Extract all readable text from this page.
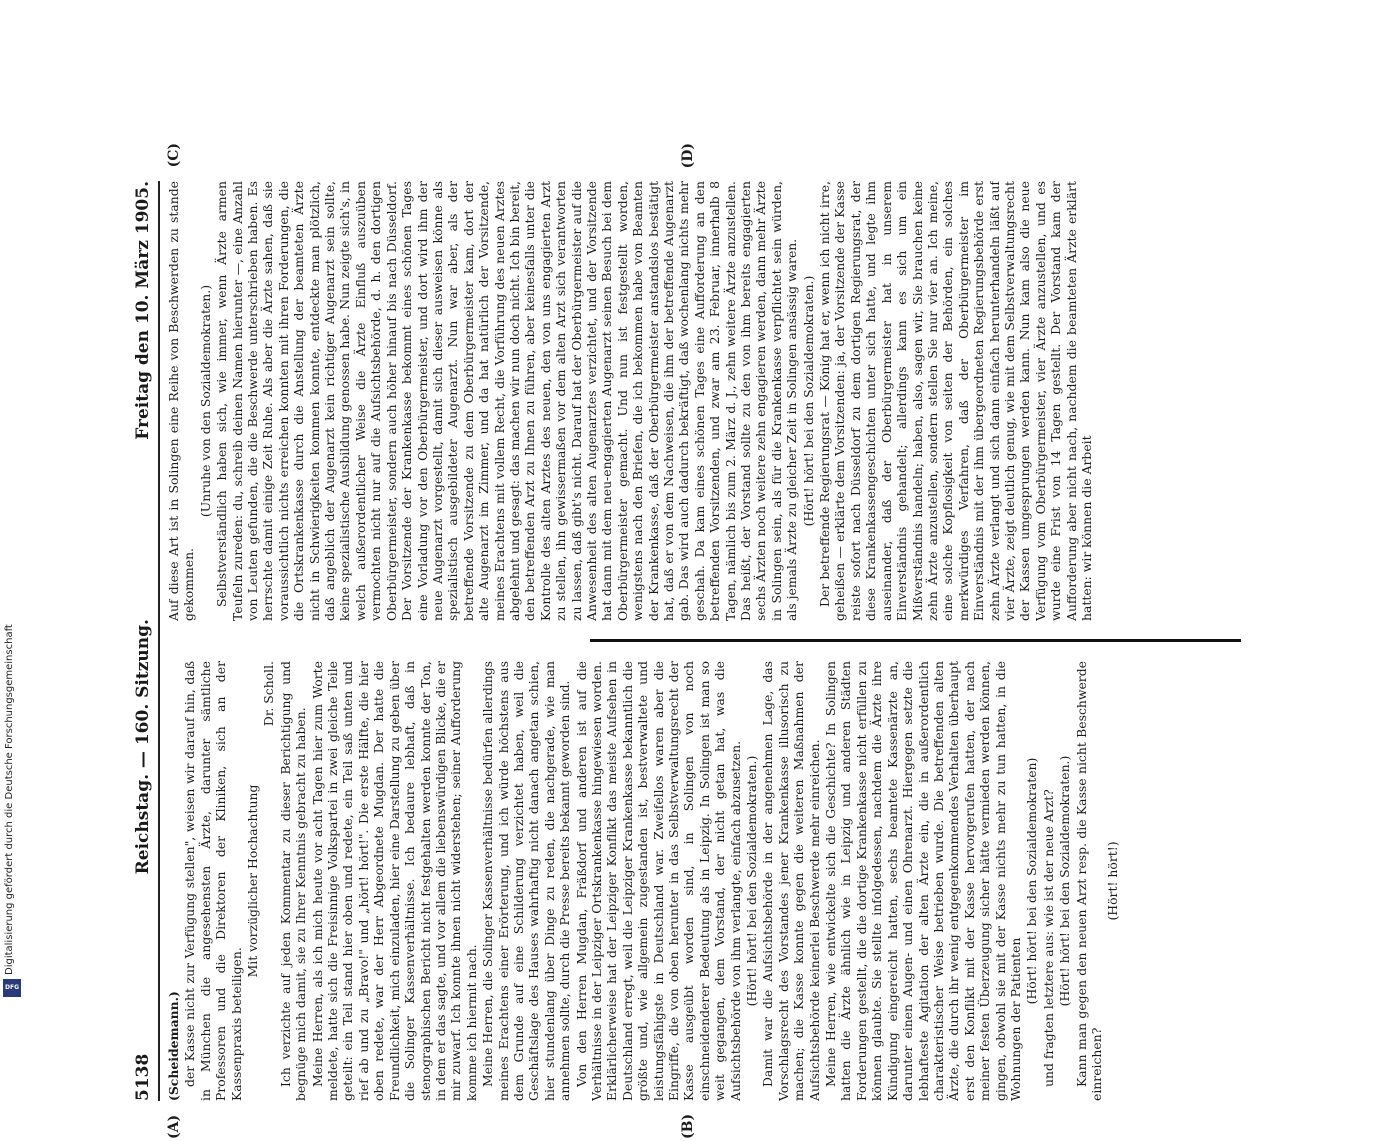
Digitalisierung gefördert durch die Deutsche Forschungsgemeinschaft
DFG
5138
Reichstag. — 160. Sitzung.
Freitag den 10. März 1905.
(A)	(B)
(C)	(D)

(Scheidemann.) der Kasse nicht zur Verfügung stellen", weisen wir darauf hin, daß in München die angesehensten Ärzte, darunter sämtliche Professoren und die Direktoren der Kliniken, sich an der Kassenpraxis beteiligen.

Mit vorzüglicher Hochachtung

Dr. Scholl. Ich verzichte auf jeden Kommentar zu dieser Berichtigung und begnüge mich damit, sie zu Ihrer Kenntnis gebracht zu haben. Meine Herren, als ich mich heute vor acht Tagen hier zum Worte meldete, hatte sich die Freisinnige Volkspartei in zwei gleiche Teile geteilt: ein Teil stand hier oben und redete, ein Teil saß unten und rief ab und zu „Bravo!" und „hört! hört!". Die erste Hälfte, die hier oben redete, war der Herr Abgeordnete Mugdan. Der hatte die Freundlichkeit, mich einzuladen, hier eine Darstellung zu geben über die Solinger Kassenverhältnisse. Ich bedaure lebhaft, daß in stenographischen Bericht nicht festgehalten werden konnte der Ton, in dem er das sagte, und vor allem die liebenswürdigen Blicke, die er mir zuwarf. Ich konnte ihnen nicht widerstehen; seiner Aufforderung komme ich hiermit nach. Meine Herren, die Solinger Kassenverhältnisse bedürfen allerdings meines Erachtens einer Erörterung, und ich würde höchstens aus dem Grunde auf eine Schilderung verzichtet haben, weil die Geschäftslage des Hauses wahrhaftig nicht danach angetan schien, hier stundenlang über Dinge zu reden, die nachgerade, wie man annehmen sollte, durch die Presse bereits bekannt geworden sind. Von den Herren Mugdan, Fräßdorf und anderen ist auf die Verhältnisse in der Leipziger Ortskrankenkasse hingewiesen worden. Erklärlicherweise hat der Leipziger Konflikt das meiste Aufsehen in Deutschland erregt, weil die Leipziger Krankenkasse bekanntlich die größte und, wie allgemein zugestanden ist, bestverwaltete und leistungsfähigste in Deutschland war. Zweifellos waren aber die Eingriffe, die von oben herunter in das Selbstverwaltungsrecht der Kasse ausgeübt worden sind, in Solingen von noch einschneidenderer Bedeutung als in Leipzig. In Solingen ist man so weit gegangen, dem Vorstand, der nicht getan hat, was die Aufsichtsbehörde von ihm verlangte, einfach abzusetzen. (Hört! hört! bei den Sozialdemokraten.) Damit war die Aufsichtsbehörde in der angenehmen Lage, das Vorschlagsrecht des Vorstandes jener Krankenkasse illusorisch zu machen; die Kasse konnte gegen die weiteren Maßnahmen der Aufsichtsbehörde keinerlei Beschwerde mehr einreichen. Meine Herren, wie entwickelte sich die Geschichte? In Solingen hatten die Ärzte ähnlich wie in Leipzig und anderen Städten Forderungen gestellt, die die dortige Krankenkasse nicht erfüllen zu können glaubte. Sie stellte infolgedessen, nachdem die Ärzte ihre Kündigung eingereicht hatten, sechs beamtete Kassenärzte an, darunter einen Augen- und einen Ohrenarzt. Hiergegen setzte die lebhafteste Agitation der alten Ärzte ein, die in außerordentlich charakteristischer Weise betrieben wurde. Die betreffenden alten Ärzte, die durch ihr wenig entgegenkommendes Verhalten überhaupt erst den Konflikt mit der Kasse hervorgerufen hatten, der nach meiner festen Überzeugung sicher hätte vermieden werden können, gingen, obwohl sie mit der Kasse nichts mehr zu tun hatten, in die Wohnungen der Patienten

(Hört! hört! bei den Sozialdemokraten) und fragten letztere aus: wie ist der neue Arzt? (Hört! hört! bei den Sozialdemokraten.) Kann man gegen den neuen Arzt resp. die Kasse nicht Beschwerde einreichen?

(Hört! hört!)

Auf diese Art ist in Solingen eine Reihe von Beschwerden zu stande gekommen.

(Unruhe von den Sozialdemokraten.) Selbstverständlich haben sich, wie immer, wenn Ärzte armen Teufeln zureden: du, schreib deinen Namen hierunter —, eine Anzahl von Leuten gefunden, die die Beschwerde unterschrieben haben. Es herrschte damit einige Zeit Ruhe. Als aber die Ärzte sahen, daß sie voraussichtlich nichts erreichen konnten mit ihren Forderungen, die die Ortskrankenkasse durch die Anstellung der beamteten Ärzte nicht in Schwierigkeiten kommen konnte, entdeckte man plötzlich, daß angeblich der Augenarzt kein richtiger Augenarzt sein sollte, keine spezialistische Ausbildung genossen habe. Nun zeigte sich's, in welch außerordentlicher Weise die Ärzte Einfluß auszuüben vermochten nicht nur auf die Aufsichtsbehörde, d. h. den dortigen Oberbürgermeister, sondern auch höher hinauf bis nach Düsseldorf. Der Vorsitzende der Krankenkasse bekommt eines schönen Tages eine Vorladung vor den Oberbürgermeister, und dort wird ihm der neue Augenarzt vorgestellt, damit sich dieser ausweisen könne als spezialistisch ausgebildeter Augenarzt. Nun war aber, als der betreffende Vorsitzende zu dem Oberbürgermeister kam, dort der alte Augenarzt im Zimmer, und da hat natürlich der Vorsitzende, meines Erachtens mit vollem Recht, die Vorführung des neuen Arztes abgelehnt und gesagt: das machen wir nun doch nicht. Ich bin bereit, den betreffenden Arzt zu Ihnen zu führen, aber keinesfalls unter die Kontrolle des alten Arztes des neuen, den von uns engagierten Arzt zu stellen, ihn gewissermaßen vor dem alten Arzt sich verantworten zu lassen, daß gibt's nicht. Darauf hat der Oberbürgermeister auf die Anwesenheit des alten Augenarztes verzichtet, und der Vorsitzende hat dann mit dem neu-engagierten Augenarzt seinen Besuch bei dem Oberbürgermeister gemacht. Und nun ist festgestellt worden, wenigstens nach den Briefen, die ich bekommen habe von Beamten der Krankenkasse, daß der Oberbürgermeister anstandslos bestätigt hat, daß er von dem Nachweisen, die ihm der betreffende Augenarzt gab. Das wird auch dadurch bekräftigt, daß wochenlang nichts mehr geschah. Da kam eines schönen Tages eine Aufforderung an den betreffenden Vorsitzenden, und zwar am 23. Februar, innerhalb 8 Tagen, nämlich bis zum 2. März d. J., zehn weitere Ärzte anzustellen. Das heißt, der Vorstand sollte zu den von ihm bereits engagierten sechs Ärzten noch weitere zehn engagieren werden, dann mehr Ärzte in Solingen sein, als für die Krankenkasse verpflichtet sein würden, als jemals Ärzte zu gleicher Zeit in Solingen ansässig waren. (Hört! hört! bei den Sozialdemokraten.) Der betreffende Regierungsrat — König hat er, wenn ich nicht irre, geheißen — erklärte dem Vorsitzenden: ja, der Vorsitzende der Kasse reiste sofort nach Düsseldorf zu dem dortigen Regierungsrat, der diese Krankenkassengeschichten unter sich hatte, und legte ihm auseinander, daß der Oberbürgermeister hat in unserem Einverständnis gehandelt; allerdings kann es sich um ein Mißverständnis handeln; haben, also, sagen wir, Sie brauchen keine zehn Ärzte anzustellen, sondern stellen Sie nur vier an. Ich meine, eine solche Kopflosigkeit von seiten der Behörden, ein solches merkwürdiges Verfahren, daß der Oberbürgermeister im Einverständnis mit der ihm übergeordneten Regierungsbehörde erst zehn Ärzte verlangt und sich dann einfach herunterhandeln läßt auf vier Ärzte, zeigt deutlich genug, wie mit dem Selbstverwaltungsrecht der Kassen umgesprungen werden kann. Nun kam also die neue Verfügung vom Oberbürgermeister, vier Ärzte anzustellen, und es wurde eine Frist von 14 Tagen gestellt. Der Vorstand kam der Aufforderung aber nicht nach, nachdem die beamteten Ärzte erklärt hatten: wir können die Arbeit
